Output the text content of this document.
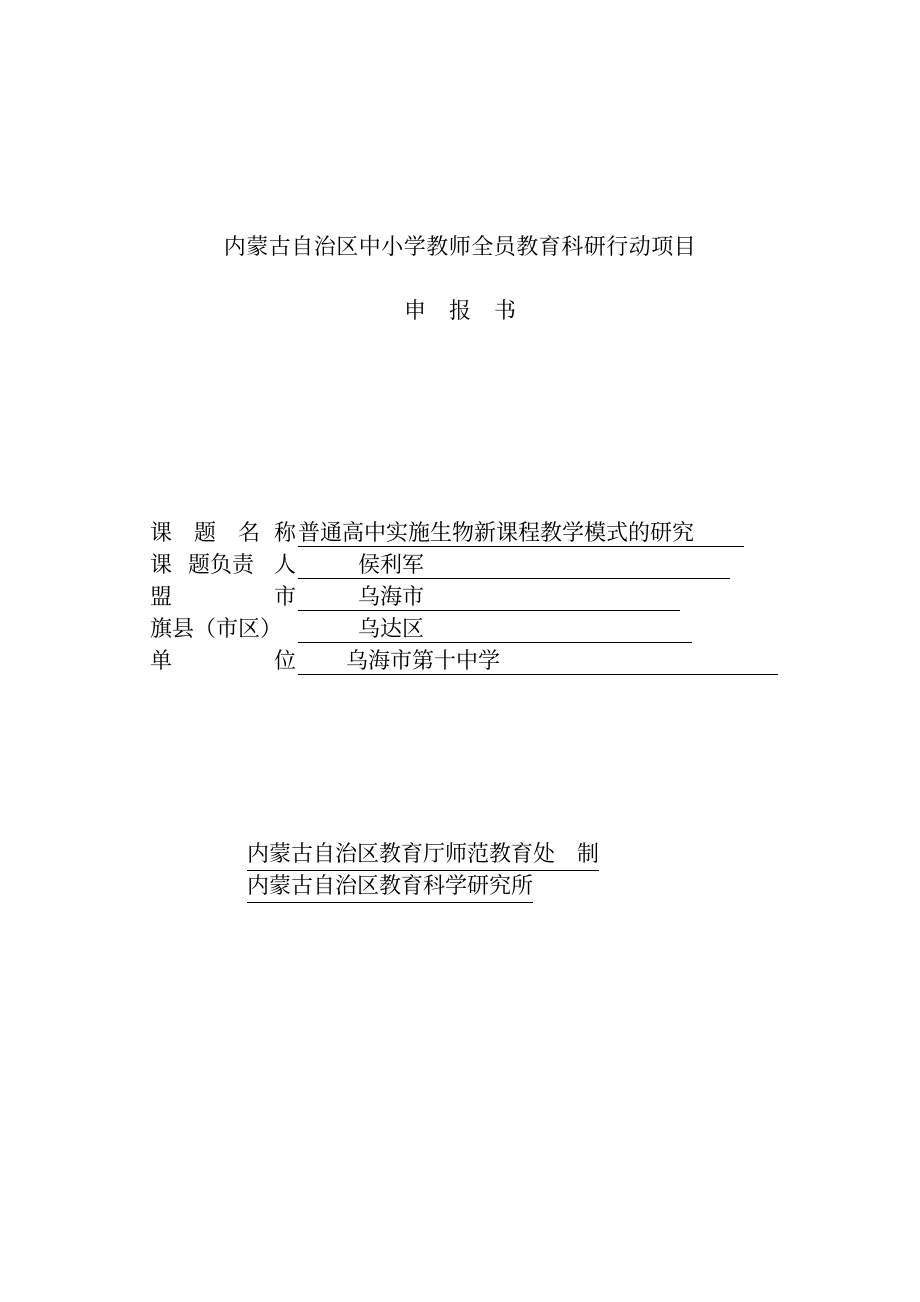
内蒙古自治区中小学教师全员教育科研行动项目
申 报 书
课 题 名 称 普通高中实施生物新课程教学模式的研究
课 题负责 人	侯利军
盟	市	乌海市
旗县（市区）	乌达区
单	位 乌海市第十中学
内蒙古自治区教育厅师范教育处 制
内蒙古自治区教育科学研究所
